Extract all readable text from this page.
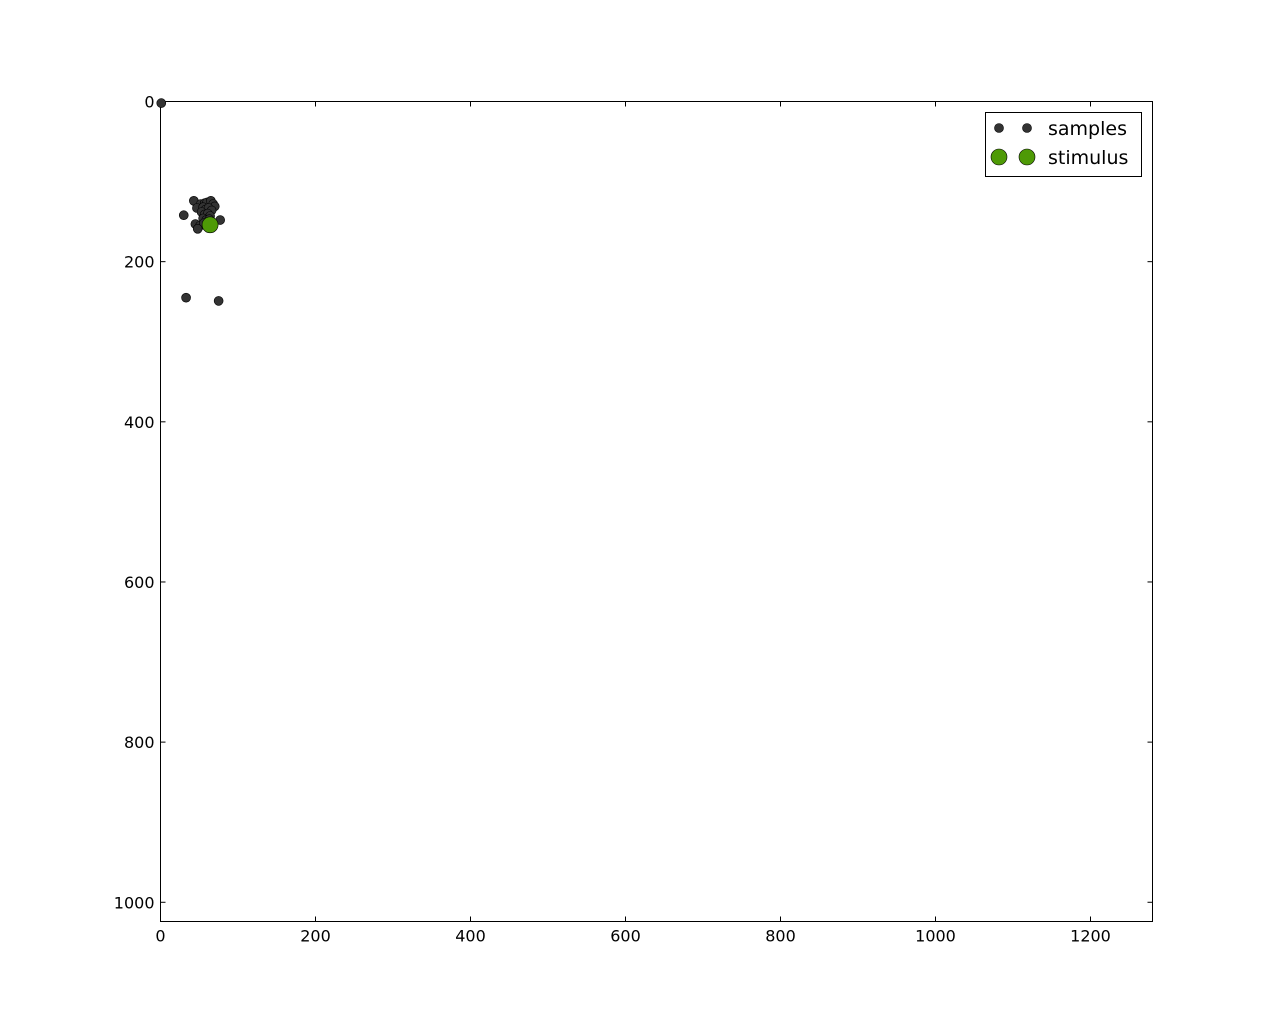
0	200	400	600	800	1000	1200
0
200
400
600
800
1000
samples
stimulus
